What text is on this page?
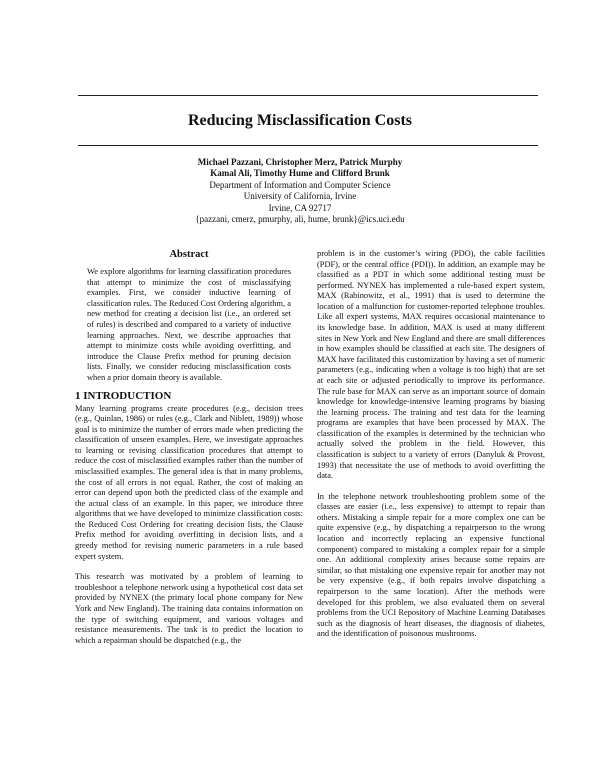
Reducing Misclassification Costs
Michael Pazzani, Christopher Merz, Patrick Murphy
Kamal Ali, Timothy Hume and Clifford Brunk
Department of Information and Computer Science
University of California, Irvine
Irvine, CA 92717
{pazzani, cmerz, pmurphy, ali, hume, brunk}@ics.uci.edu
Abstract

We explore algorithms for learning classification procedures that attempt to minimize the cost of misclassifying examples. First, we consider inductive learning of classification rules. The Reduced Cost Ordering algorithm, a new method for creating a decision list (i.e., an ordered set of rules) is described and compared to a variety of inductive learning approaches. Next, we describe approaches that attempt to minimize costs while avoiding overfitting, and introduce the Clause Prefix method for pruning decision lists. Finally, we consider reducing misclassification costs when a prior domain theory is available.

1 INTRODUCTION

Many learning programs create procedures (e.g., decision trees (e.g., Quinlan, 1986) or rules (e.g., Clark and Niblett, 1989)) whose goal is to minimize the number of errors made when predicting the classification of unseen examples. Here, we investigate approaches to learning or revising classification procedures that attempt to reduce the cost of misclassified examples rather than the number of misclassified examples. The general idea is that in many problems, the cost of all errors is not equal. Rather, the cost of making an error can depend upon both the predicted class of the example and the actual class of an example. In this paper, we introduce three algorithms that we have developed to minimize classification costs: the Reduced Cost Ordering for creating decision lists, the Clause Prefix method for avoiding overfitting in decision lists, and a greedy method for revising numeric parameters in a rule based expert system.

This research was motivated by a problem of learning to troubleshoot a telephone network using a hypothetical cost data set provided by NYNEX (the primary local phone company for New York and New England). The training data contains information on the type of switching equipment, and various voltages and resistance measurements. The task is to predict the location to which a repairman should be dispatched (e.g., the

problem is in the customer’s wiring (PDO), the cable facilities (PDF), or the central office (PDI)). In addition, an example may be classified as a PDT in which some additional testing must be performed. NYNEX has implemented a rule-based expert system, MAX (Rabinowitz, et al., 1991) that is used to determine the location of a malfunction for customer-reported telephone troubles. Like all expert systems, MAX requires occasional maintenance to its knowledge base. In addition, MAX is used at many different sites in New York and New England and there are small differences in how examples should be classified at each site. The designers of MAX have facilitated this customization by having a set of numeric parameters (e.g., indicating when a voltage is too high) that are set at each site or adjusted periodically to improve its performance. The rule base for MAX can serve as an important source of domain knowledge for knowledge-intensive learning programs by biasing the learning process. The training and test data for the learning programs are examples that have been processed by MAX. The classification of the examples is determined by the technician who actually solved the problem in the field. However, this classification is subject to a variety of errors (Danyluk & Provost, 1993) that necessitate the use of methods to avoid overfitting the data.

In the telephone network troubleshooting problem some of the classes are easier (i.e., less expensive) to attempt to repair than others. Mistaking a simple repair for a more complex one can be quite expensive (e.g., by dispatching a repairperson to the wrong location and incorrectly replacing an expensive functional component) compared to mistaking a complex repair for a simple one. An additional complexity arises because some repairs are similar, so that mistaking one expensive repair for another may not be very expensive (e.g., if both repairs involve dispatching a repairperson to the same location). After the methods were developed for this problem, we also evaluated them on several problems from the UCI Repository of Machine Learning Databases such as the diagnosis of heart diseases, the diagnosis of diabetes, and the identification of poisonous mushrooms.
